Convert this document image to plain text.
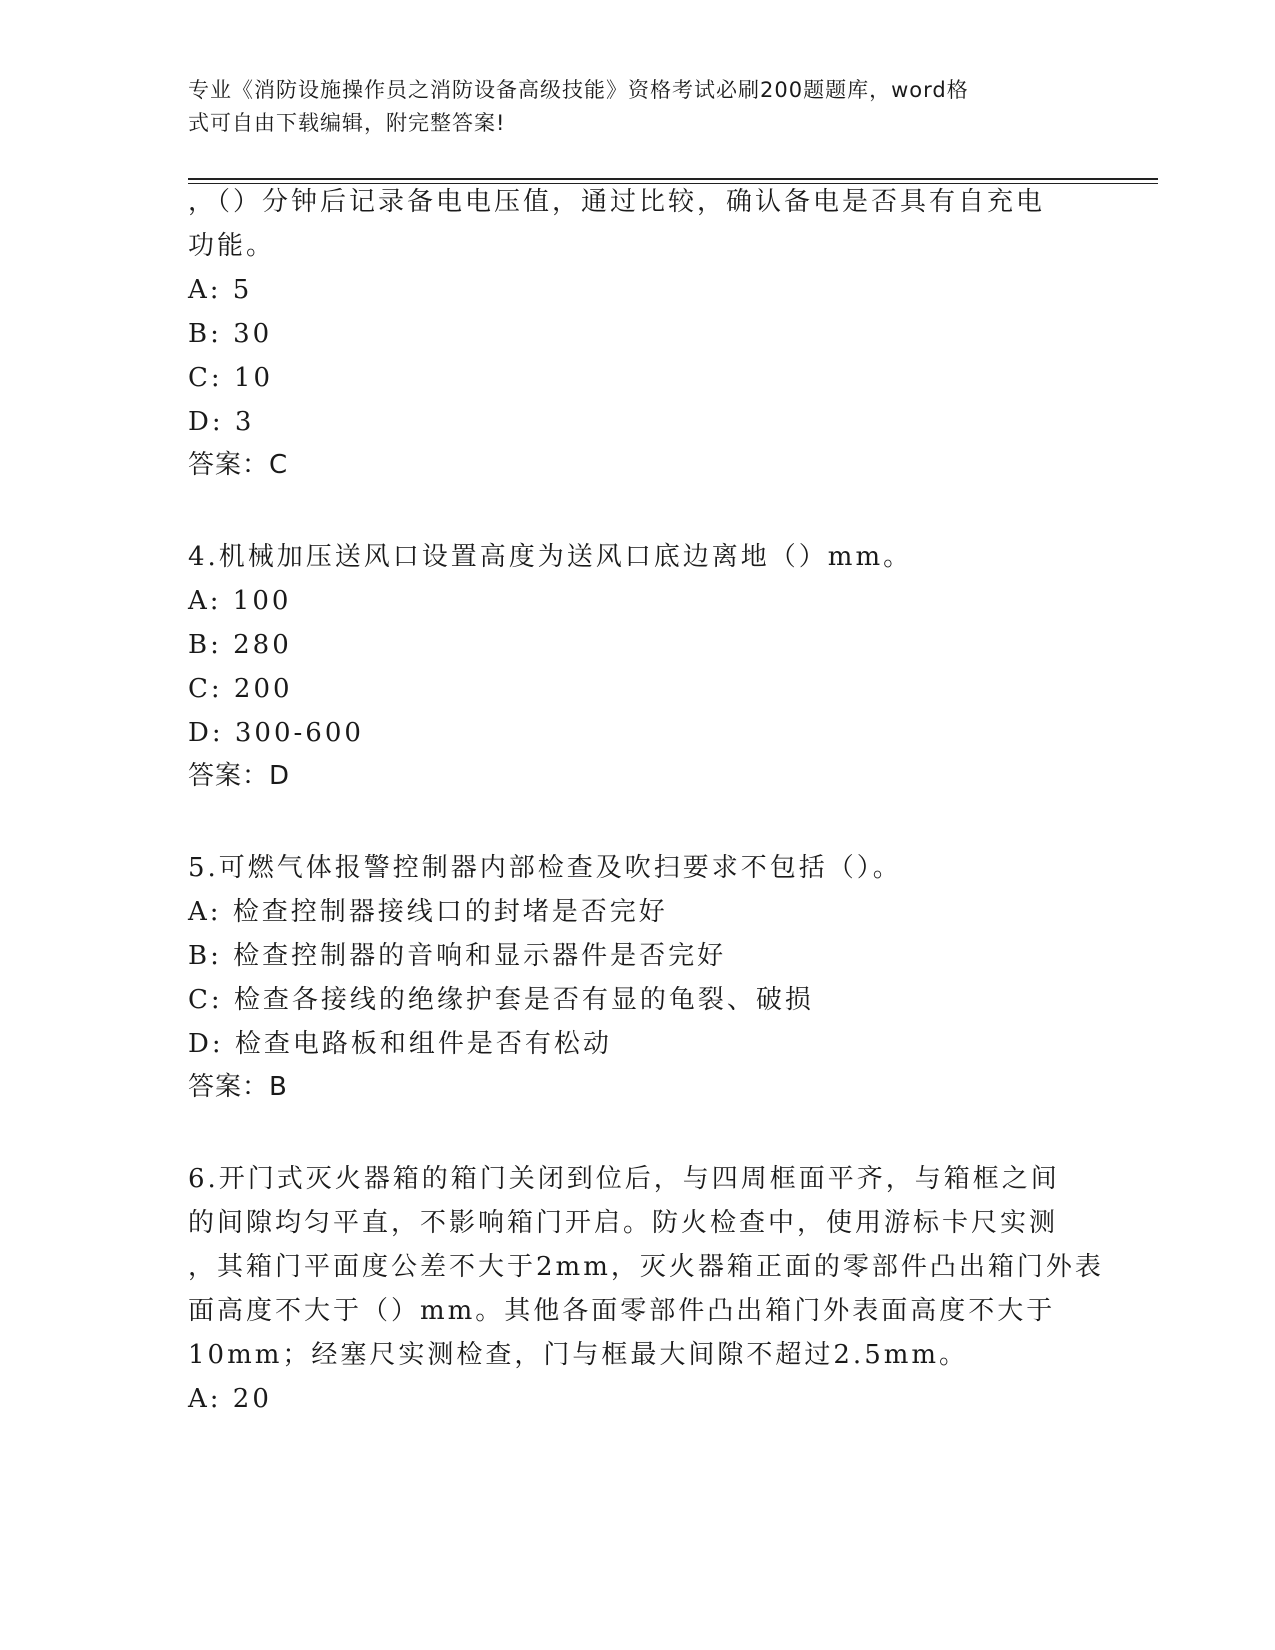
专业《消防设施操作员之消防设备高级技能》资格考试必刷200题题库，word格
式可自由下载编辑，附完整答案!
，（）分钟后记录备电电压值，通过比较，确认备电是否具有自充电
功能。
A: 5
B: 30
C: 10
D: 3
答案：C
4.机械加压送风口设置高度为送风口底边离地（）mm。
A: 100
B: 280
C: 200
D: 300-600
答案：D
5.可燃气体报警控制器内部检查及吹扫要求不包括（）。
A: 检查控制器接线口的封堵是否完好
B: 检查控制器的音响和显示器件是否完好
C: 检查各接线的绝缘护套是否有显的龟裂、破损
D: 检查电路板和组件是否有松动
答案：B
6.开门式灭火器箱的箱门关闭到位后，与四周框面平齐，与箱框之间
的间隙均匀平直，不影响箱门开启。防火检查中，使用游标卡尺实测
，其箱门平面度公差不大于2mm，灭火器箱正面的零部件凸出箱门外表
面高度不大于（）mm。其他各面零部件凸出箱门外表面高度不大于
10mm；经塞尺实测检查，门与框最大间隙不超过2.5mm。
A: 20
